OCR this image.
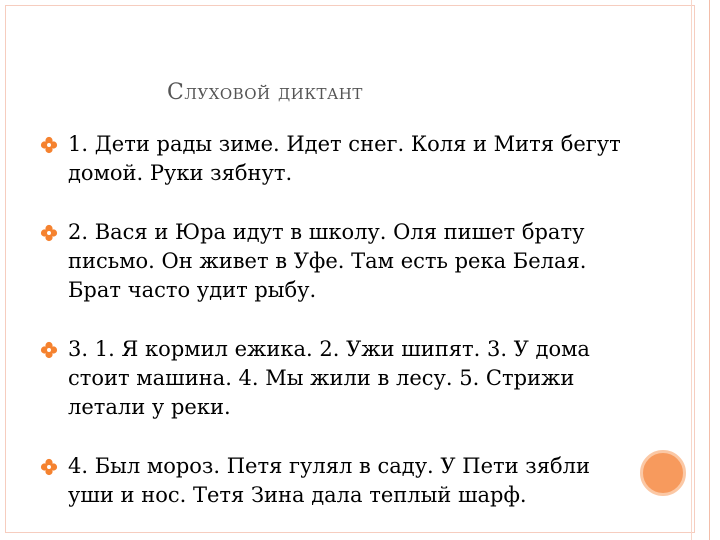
Слуховой диктант
1. Дети рады зиме. Идет снег. Коля и Митя бегут домой. Руки зябнут.
2. Вася и Юра идут в школу. Оля пишет брату письмо. Он живет в Уфе. Там есть река Белая. Брат часто удит рыбу.
3. 1. Я кормил ежика. 2. Ужи шипят. 3. У дома стоит машина. 4. Мы жили в лесу. 5. Стрижи летали у реки.
4. Был мороз. Петя гулял в саду. У Пети зябли уши и нос. Тетя Зина дала теплый шарф.
